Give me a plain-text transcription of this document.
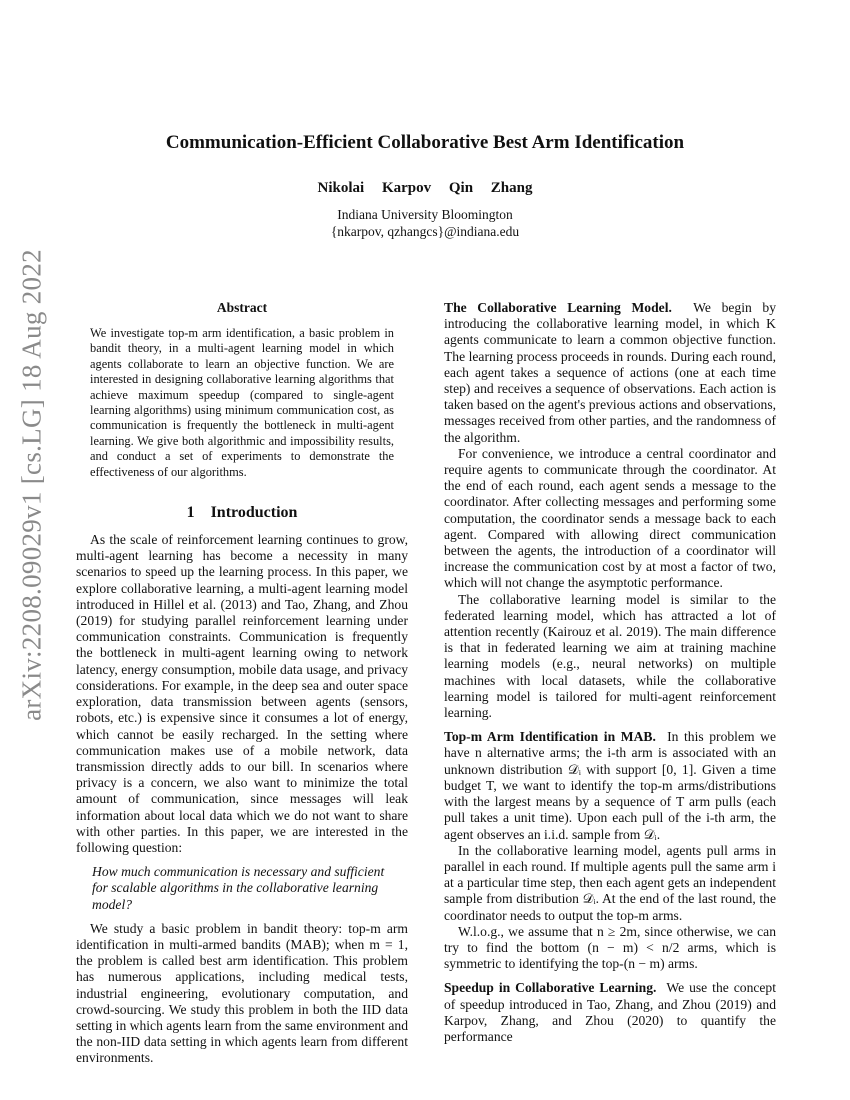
arXiv:2208.09029v1 [cs.LG] 18 Aug 2022
Communication-Efficient Collaborative Best Arm Identification
Nikolai Karpov Qin Zhang
Indiana University Bloomington
{nkarpov, qzhangcs}@indiana.edu
Abstract
We investigate top-m arm identification, a basic problem in bandit theory, in a multi-agent learning model in which agents collaborate to learn an objective function. We are interested in designing collaborative learning algorithms that achieve maximum speedup (compared to single-agent learning algorithms) using minimum communication cost, as communication is frequently the bottleneck in multi-agent learning. We give both algorithmic and impossibility results, and conduct a set of experiments to demonstrate the effectiveness of our algorithms.
1 Introduction

As the scale of reinforcement learning continues to grow, multi-agent learning has become a necessity in many scenarios to speed up the learning process. In this paper, we explore collaborative learning, a multi-agent learning model introduced in Hillel et al. (2013) and Tao, Zhang, and Zhou (2019) for studying parallel reinforcement learning under communication constraints. Communication is frequently the bottleneck in multi-agent learning owing to network latency, energy consumption, mobile data usage, and privacy considerations. For example, in the deep sea and outer space exploration, data transmission between agents (sensors, robots, etc.) is expensive since it consumes a lot of energy, which cannot be easily recharged. In the setting where communication makes use of a mobile network, data transmission directly adds to our bill. In scenarios where privacy is a concern, we also want to minimize the total amount of communication, since messages will leak information about local data which we do not want to share with other parties. In this paper, we are interested in the following question:

How much communication is necessary and sufficient for scalable algorithms in the collaborative learning model?

We study a basic problem in bandit theory: top-m arm identification in multi-armed bandits (MAB); when m = 1, the problem is called best arm identification. This problem has numerous applications, including medical tests, industrial engineering, evolutionary computation, and crowd-sourcing. We study this problem in both the IID data setting in which agents learn from the same environment and the non-IID data setting in which agents learn from different environments.

The Collaborative Learning Model. We begin by introducing the collaborative learning model, in which K agents communicate to learn a common objective function. The learning process proceeds in rounds. During each round, each agent takes a sequence of actions (one at each time step) and receives a sequence of observations. Each action is taken based on the agent's previous actions and observations, messages received from other parties, and the randomness of the algorithm.

For convenience, we introduce a central coordinator and require agents to communicate through the coordinator. At the end of each round, each agent sends a message to the coordinator. After collecting messages and performing some computation, the coordinator sends a message back to each agent. Compared with allowing direct communication between the agents, the introduction of a coordinator will increase the communication cost by at most a factor of two, which will not change the asymptotic performance.

The collaborative learning model is similar to the federated learning model, which has attracted a lot of attention recently (Kairouz et al. 2019). The main difference is that in federated learning we aim at training machine learning models (e.g., neural networks) on multiple machines with local datasets, while the collaborative learning model is tailored for multi-agent reinforcement learning.

Top-m Arm Identification in MAB. In this problem we have n alternative arms; the i-th arm is associated with an unknown distribution 𝒟ᵢ with support [0, 1]. Given a time budget T, we want to identify the top-m arms/distributions with the largest means by a sequence of T arm pulls (each pull takes a unit time). Upon each pull of the i-th arm, the agent observes an i.i.d. sample from 𝒟ᵢ.

In the collaborative learning model, agents pull arms in parallel in each round. If multiple agents pull the same arm i at a particular time step, then each agent gets an independent sample from distribution 𝒟ᵢ. At the end of the last round, the coordinator needs to output the top-m arms.

W.l.o.g., we assume that n ≥ 2m, since otherwise, we can try to find the bottom (n − m) < n/2 arms, which is symmetric to identifying the top-(n − m) arms.

Speedup in Collaborative Learning. We use the concept of speedup introduced in Tao, Zhang, and Zhou (2019) and Karpov, Zhang, and Zhou (2020) to quantify the performance
